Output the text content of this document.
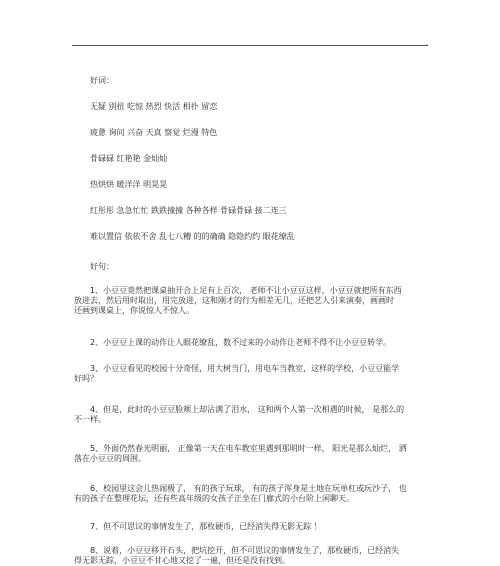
·
好词：
无疑 别扭 吃惊 热烈 快活 相扑 留恋
疲惫 询问 兴奋 天真 察觉 烂漫 特色
骨碌碌 红艳艳 金灿灿
热烘烘 暖洋洋 明晃晃
红彤彤 急急忙忙 跌跌撞撞 各种各样 骨碌骨碌 接二连三
难以置信 依依不舍 乱七八糟 的的确确 隐隐约约 眼花缭乱
好句：
1、小豆豆竟然把课桌抽开合上足有上百次， 老师不让小豆豆这样，小豆豆就把所有东西
放进去，然后用时取出，用完放进，这和刚才的行为相差无几，还把艺人引来演奏，画画时
还画到课桌上，你说惊人不惊人。
2、小豆豆上课的动作让人眼花缭乱，数不过来的小动作让老师不得不让小豆豆转学。
3、小豆豆看见的校园十分奇怪，用大树当门，用电车当教室，这样的学校，小豆豆能学
好吗？
4、但是，此时的小豆豆脸颊上却沾满了泪水， 这和两个人第一次相遇的时候， 是那么的
不一样。
5、外面仍然春光明丽， 正像第一天在电车教室里遇到那明时一样， 阳光是那么灿烂， 洒
落在小豆豆的周围。
6、校园里这会儿热闹极了， 有的孩子玩球， 有的孩子浑身是土地在玩单杠或玩沙子， 也
有的孩子在整理花坛，还有些高年级的女孩子正坐在门廊式的小台阶上闲聊天。
7、但不可思议的事情发生了，那枚硬币，已经消失得无影无踪 ！
8、说着，小豆豆移开石头，把坑挖开，但不可思议的事情发生了，那枚硬币，已经消失
得无影无踪，小豆豆不甘心地又挖了一遍，但还是没有找到。
